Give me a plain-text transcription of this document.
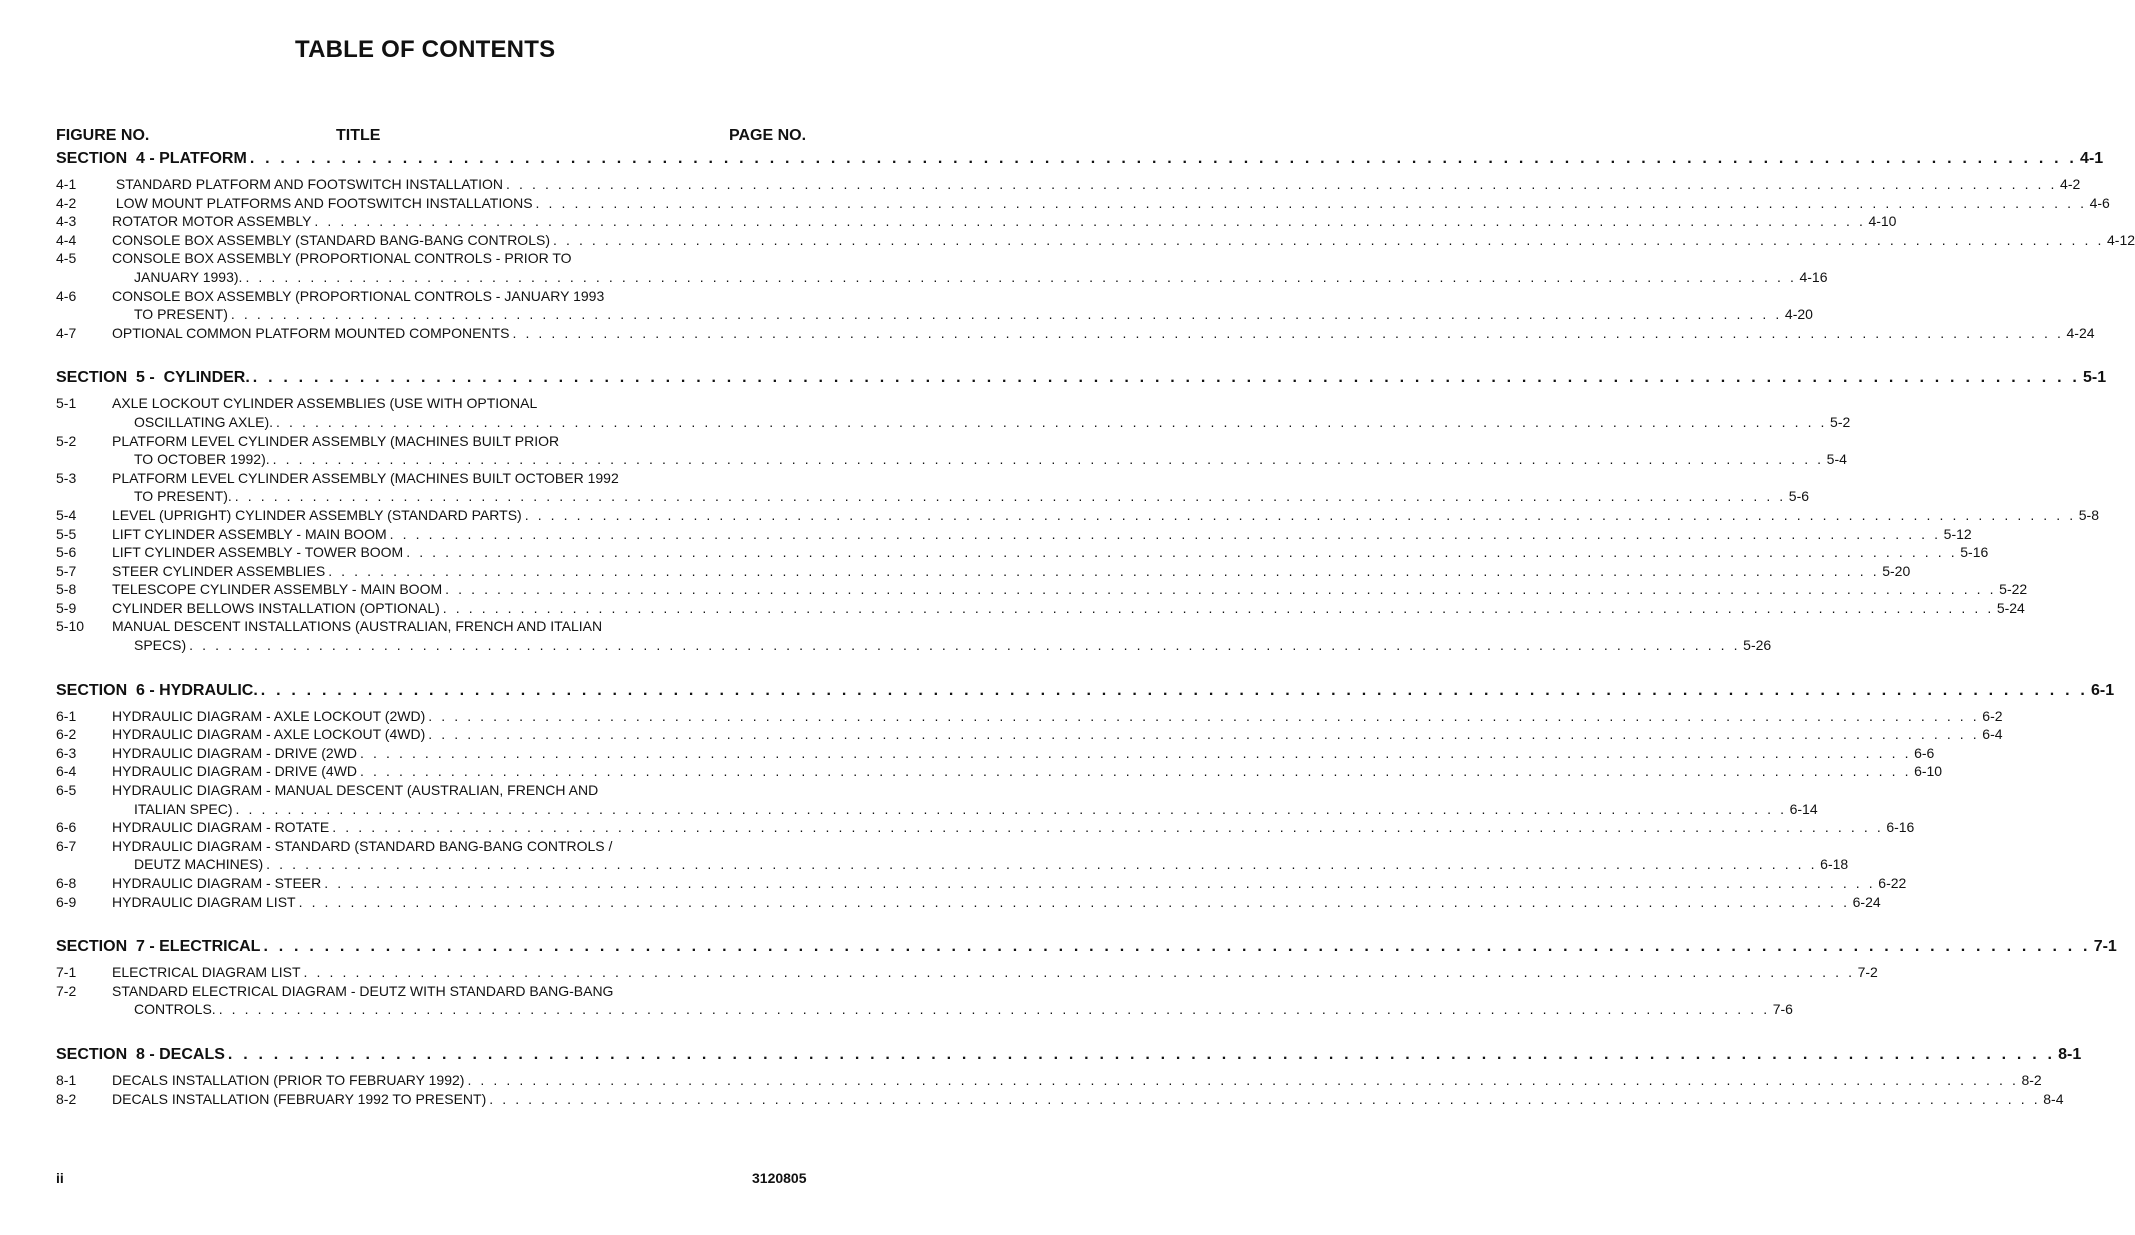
TABLE OF CONTENTS
FIGURE NO.	TITLE	PAGE NO.
SECTION  4 - PLATFORM . . . . . . . . . . . . . . . . . . . . . . . . . . . . . . . . . . . . . . . . . . . . . . . . . . . . . . . . . . . . . . . . . . . . . . . . . . . . . . . . . . . . . . . . . . . . . . . . . . . . . . . . . . . . . . . . . . . . . . . . 4-1
4-1	STANDARD PLATFORM AND FOOTSWITCH INSTALLATION . . . . . . . . . . . . . . . . . . . . . . . . . . . . . . . . . . . . . . . . . . . . . . . . . . . . . . . . . . . . . . . . . . . . . . . . . . . . . . . . . . . . . . . . . . . . . . . . . . . . . . . . . . . . . . . . . . . . . . . . 4-2
4-2	LOW MOUNT PLATFORMS AND FOOTSWITCH INSTALLATIONS . . . . . . . . . . . . . . . . . . . . . . . . . . . . . . . . . . . . . . . . . . . . . . . . . . . . . . . . . . . . . . . . . . . . . . . . . . . . . . . . . . . . . . . . . . . . . . . . . . . . . . . . . . . . . . . . . . . . . . . . 4-6
4-3	ROTATOR MOTOR ASSEMBLY . . . . . . . . . . . . . . . . . . . . . . . . . . . . . . . . . . . . . . . . . . . . . . . . . . . . . . . . . . . . . . . . . . . . . . . . . . . . . . . . . . . . . . . . . . . . . . . . . . . . . . . . . . . . . . . . . . . . . . . . 4-10
4-4	CONSOLE BOX ASSEMBLY (STANDARD BANG-BANG CONTROLS) . . . . . . . . . . . . . . . . . . . . . . . . . . . . . . . . . . . . . . . . . . . . . . . . . . . . . . . . . . . . . . . . . . . . . . . . . . . . . . . . . . . . . . . . . . . . . . . . . . . . . . . . . . . . . . . . . . . . . . . . 4-12
4-5	CONSOLE BOX ASSEMBLY (PROPORTIONAL CONTROLS - PRIOR TO
JANUARY 1993). . . . . . . . . . . . . . . . . . . . . . . . . . . . . . . . . . . . . . . . . . . . . . . . . . . . . . . . . . . . . . . . . . . . . . . . . . . . . . . . . . . . . . . . . . . . . . . . . . . . . . . . . . . . . . . . . . . . . . . . . 4-16
4-6	CONSOLE BOX ASSEMBLY (PROPORTIONAL CONTROLS - JANUARY 1993
TO PRESENT) . . . . . . . . . . . . . . . . . . . . . . . . . . . . . . . . . . . . . . . . . . . . . . . . . . . . . . . . . . . . . . . . . . . . . . . . . . . . . . . . . . . . . . . . . . . . . . . . . . . . . . . . . . . . . . . . . . . . . . . . 4-20
4-7	OPTIONAL COMMON PLATFORM MOUNTED COMPONENTS . . . . . . . . . . . . . . . . . . . . . . . . . . . . . . . . . . . . . . . . . . . . . . . . . . . . . . . . . . . . . . . . . . . . . . . . . . . . . . . . . . . . . . . . . . . . . . . . . . . . . . . . . . . . . . . . . . . . . . . . 4-24
SECTION  5 -  CYLINDER. . . . . . . . . . . . . . . . . . . . . . . . . . . . . . . . . . . . . . . . . . . . . . . . . . . . . . . . . . . . . . . . . . . . . . . . . . . . . . . . . . . . . . . . . . . . . . . . . . . . . . . . . . . . . . . . . . . . . . . . . 5-1
5-1	AXLE LOCKOUT CYLINDER ASSEMBLIES (USE WITH OPTIONAL
OSCILLATING AXLE). . . . . . . . . . . . . . . . . . . . . . . . . . . . . . . . . . . . . . . . . . . . . . . . . . . . . . . . . . . . . . . . . . . . . . . . . . . . . . . . . . . . . . . . . . . . . . . . . . . . . . . . . . . . . . . . . . . . . . . . . 5-2
5-2	PLATFORM LEVEL CYLINDER ASSEMBLY (MACHINES BUILT PRIOR
TO OCTOBER 1992). . . . . . . . . . . . . . . . . . . . . . . . . . . . . . . . . . . . . . . . . . . . . . . . . . . . . . . . . . . . . . . . . . . . . . . . . . . . . . . . . . . . . . . . . . . . . . . . . . . . . . . . . . . . . . . . . . . . . . . . . 5-4
5-3	PLATFORM LEVEL CYLINDER ASSEMBLY (MACHINES BUILT OCTOBER 1992
TO PRESENT). . . . . . . . . . . . . . . . . . . . . . . . . . . . . . . . . . . . . . . . . . . . . . . . . . . . . . . . . . . . . . . . . . . . . . . . . . . . . . . . . . . . . . . . . . . . . . . . . . . . . . . . . . . . . . . . . . . . . . . . . 5-6
5-4	LEVEL (UPRIGHT) CYLINDER ASSEMBLY (STANDARD PARTS) . . . . . . . . . . . . . . . . . . . . . . . . . . . . . . . . . . . . . . . . . . . . . . . . . . . . . . . . . . . . . . . . . . . . . . . . . . . . . . . . . . . . . . . . . . . . . . . . . . . . . . . . . . . . . . . . . . . . . . . . 5-8
5-5	LIFT CYLINDER ASSEMBLY - MAIN BOOM . . . . . . . . . . . . . . . . . . . . . . . . . . . . . . . . . . . . . . . . . . . . . . . . . . . . . . . . . . . . . . . . . . . . . . . . . . . . . . . . . . . . . . . . . . . . . . . . . . . . . . . . . . . . . . . . . . . . . . . . 5-12
5-6	LIFT CYLINDER ASSEMBLY - TOWER BOOM . . . . . . . . . . . . . . . . . . . . . . . . . . . . . . . . . . . . . . . . . . . . . . . . . . . . . . . . . . . . . . . . . . . . . . . . . . . . . . . . . . . . . . . . . . . . . . . . . . . . . . . . . . . . . . . . . . . . . . . . 5-16
5-7	STEER CYLINDER ASSEMBLIES . . . . . . . . . . . . . . . . . . . . . . . . . . . . . . . . . . . . . . . . . . . . . . . . . . . . . . . . . . . . . . . . . . . . . . . . . . . . . . . . . . . . . . . . . . . . . . . . . . . . . . . . . . . . . . . . . . . . . . . . 5-20
5-8	TELESCOPE CYLINDER ASSEMBLY - MAIN BOOM . . . . . . . . . . . . . . . . . . . . . . . . . . . . . . . . . . . . . . . . . . . . . . . . . . . . . . . . . . . . . . . . . . . . . . . . . . . . . . . . . . . . . . . . . . . . . . . . . . . . . . . . . . . . . . . . . . . . . . . . 5-22
5-9	CYLINDER BELLOWS INSTALLATION (OPTIONAL) . . . . . . . . . . . . . . . . . . . . . . . . . . . . . . . . . . . . . . . . . . . . . . . . . . . . . . . . . . . . . . . . . . . . . . . . . . . . . . . . . . . . . . . . . . . . . . . . . . . . . . . . . . . . . . . . . . . . . . . . 5-24
5-10	MANUAL DESCENT INSTALLATIONS (AUSTRALIAN, FRENCH AND ITALIAN
SPECS) . . . . . . . . . . . . . . . . . . . . . . . . . . . . . . . . . . . . . . . . . . . . . . . . . . . . . . . . . . . . . . . . . . . . . . . . . . . . . . . . . . . . . . . . . . . . . . . . . . . . . . . . . . . . . . . . . . . . . . . . 5-26
SECTION  6 - HYDRAULIC. . . . . . . . . . . . . . . . . . . . . . . . . . . . . . . . . . . . . . . . . . . . . . . . . . . . . . . . . . . . . . . . . . . . . . . . . . . . . . . . . . . . . . . . . . . . . . . . . . . . . . . . . . . . . . . . . . . . . . . . . 6-1
6-1	HYDRAULIC DIAGRAM - AXLE LOCKOUT (2WD) . . . . . . . . . . . . . . . . . . . . . . . . . . . . . . . . . . . . . . . . . . . . . . . . . . . . . . . . . . . . . . . . . . . . . . . . . . . . . . . . . . . . . . . . . . . . . . . . . . . . . . . . . . . . . . . . . . . . . . . . 6-2
6-2	HYDRAULIC DIAGRAM - AXLE LOCKOUT (4WD) . . . . . . . . . . . . . . . . . . . . . . . . . . . . . . . . . . . . . . . . . . . . . . . . . . . . . . . . . . . . . . . . . . . . . . . . . . . . . . . . . . . . . . . . . . . . . . . . . . . . . . . . . . . . . . . . . . . . . . . . 6-4
6-3	HYDRAULIC DIAGRAM - DRIVE (2WD . . . . . . . . . . . . . . . . . . . . . . . . . . . . . . . . . . . . . . . . . . . . . . . . . . . . . . . . . . . . . . . . . . . . . . . . . . . . . . . . . . . . . . . . . . . . . . . . . . . . . . . . . . . . . . . . . . . . . . . . 6-6
6-4	HYDRAULIC DIAGRAM - DRIVE (4WD . . . . . . . . . . . . . . . . . . . . . . . . . . . . . . . . . . . . . . . . . . . . . . . . . . . . . . . . . . . . . . . . . . . . . . . . . . . . . . . . . . . . . . . . . . . . . . . . . . . . . . . . . . . . . . . . . . . . . . . . 6-10
6-5	HYDRAULIC DIAGRAM - MANUAL DESCENT (AUSTRALIAN, FRENCH AND
ITALIAN SPEC) . . . . . . . . . . . . . . . . . . . . . . . . . . . . . . . . . . . . . . . . . . . . . . . . . . . . . . . . . . . . . . . . . . . . . . . . . . . . . . . . . . . . . . . . . . . . . . . . . . . . . . . . . . . . . . . . . . . . . . . . 6-14
6-6	HYDRAULIC DIAGRAM - ROTATE . . . . . . . . . . . . . . . . . . . . . . . . . . . . . . . . . . . . . . . . . . . . . . . . . . . . . . . . . . . . . . . . . . . . . . . . . . . . . . . . . . . . . . . . . . . . . . . . . . . . . . . . . . . . . . . . . . . . . . . . 6-16
6-7	HYDRAULIC DIAGRAM - STANDARD (STANDARD BANG-BANG CONTROLS /
DEUTZ MACHINES) . . . . . . . . . . . . . . . . . . . . . . . . . . . . . . . . . . . . . . . . . . . . . . . . . . . . . . . . . . . . . . . . . . . . . . . . . . . . . . . . . . . . . . . . . . . . . . . . . . . . . . . . . . . . . . . . . . . . . . . . 6-18
6-8	HYDRAULIC DIAGRAM - STEER . . . . . . . . . . . . . . . . . . . . . . . . . . . . . . . . . . . . . . . . . . . . . . . . . . . . . . . . . . . . . . . . . . . . . . . . . . . . . . . . . . . . . . . . . . . . . . . . . . . . . . . . . . . . . . . . . . . . . . . . 6-22
6-9	HYDRAULIC DIAGRAM LIST . . . . . . . . . . . . . . . . . . . . . . . . . . . . . . . . . . . . . . . . . . . . . . . . . . . . . . . . . . . . . . . . . . . . . . . . . . . . . . . . . . . . . . . . . . . . . . . . . . . . . . . . . . . . . . . . . . . . . . . . 6-24
SECTION  7 - ELECTRICAL . . . . . . . . . . . . . . . . . . . . . . . . . . . . . . . . . . . . . . . . . . . . . . . . . . . . . . . . . . . . . . . . . . . . . . . . . . . . . . . . . . . . . . . . . . . . . . . . . . . . . . . . . . . . . . . . . . . . . . . . 7-1
7-1	ELECTRICAL DIAGRAM LIST . . . . . . . . . . . . . . . . . . . . . . . . . . . . . . . . . . . . . . . . . . . . . . . . . . . . . . . . . . . . . . . . . . . . . . . . . . . . . . . . . . . . . . . . . . . . . . . . . . . . . . . . . . . . . . . . . . . . . . . . 7-2
7-2	STANDARD ELECTRICAL DIAGRAM - DEUTZ WITH STANDARD BANG-BANG
CONTROLS. . . . . . . . . . . . . . . . . . . . . . . . . . . . . . . . . . . . . . . . . . . . . . . . . . . . . . . . . . . . . . . . . . . . . . . . . . . . . . . . . . . . . . . . . . . . . . . . . . . . . . . . . . . . . . . . . . . . . . . . . 7-6
SECTION  8 - DECALS . . . . . . . . . . . . . . . . . . . . . . . . . . . . . . . . . . . . . . . . . . . . . . . . . . . . . . . . . . . . . . . . . . . . . . . . . . . . . . . . . . . . . . . . . . . . . . . . . . . . . . . . . . . . . . . . . . . . . . . . 8-1
8-1	DECALS INSTALLATION (PRIOR TO FEBRUARY 1992) . . . . . . . . . . . . . . . . . . . . . . . . . . . . . . . . . . . . . . . . . . . . . . . . . . . . . . . . . . . . . . . . . . . . . . . . . . . . . . . . . . . . . . . . . . . . . . . . . . . . . . . . . . . . . . . . . . . . . . . . 8-2
8-2	DECALS INSTALLATION (FEBRUARY 1992 TO PRESENT) . . . . . . . . . . . . . . . . . . . . . . . . . . . . . . . . . . . . . . . . . . . . . . . . . . . . . . . . . . . . . . . . . . . . . . . . . . . . . . . . . . . . . . . . . . . . . . . . . . . . . . . . . . . . . . . . . . . . . . . . 8-4
ii	3120805
